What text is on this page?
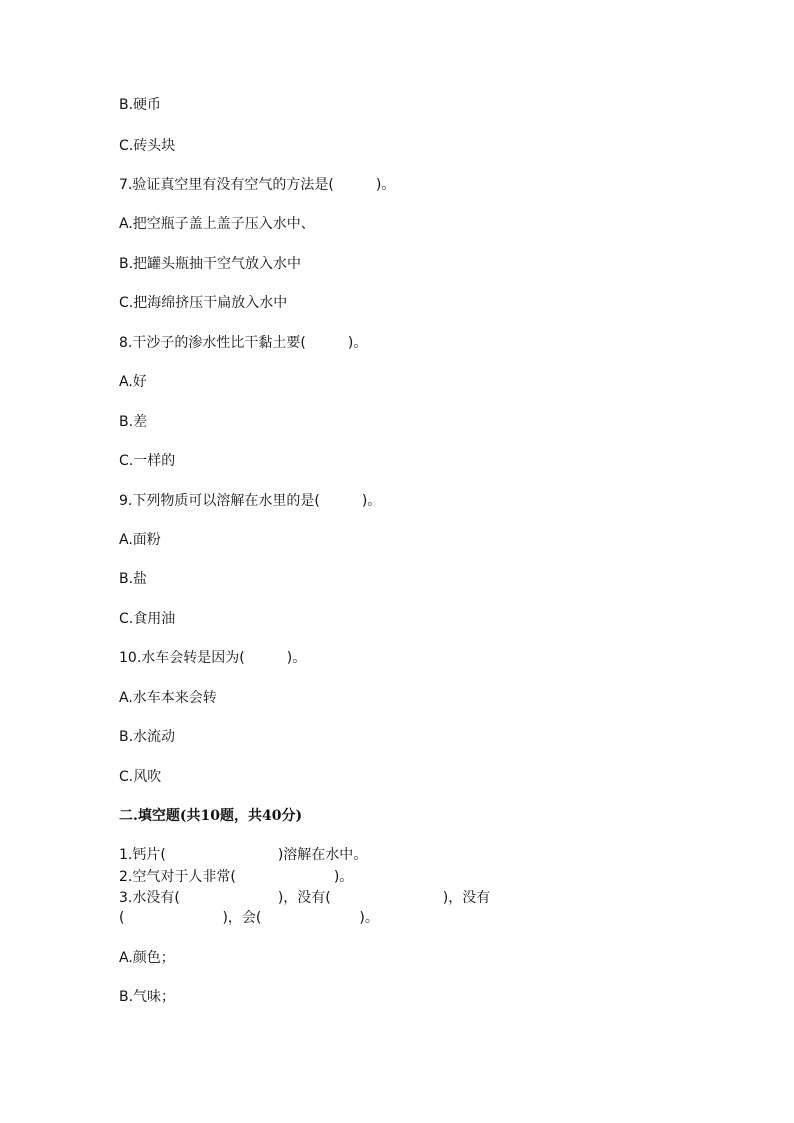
B.硬币
C.砖头块
7.验证真空里有没有空气的方法是(　　　)。
A.把空瓶子盖上盖子压入水中、
B.把罐头瓶抽干空气放入水中
C.把海绵挤压干扁放入水中
8.干沙子的渗水性比干黏土要(　　　)。
A.好
B.差
C.一样的
9.下列物质可以溶解在水里的是(　　　)。
A.面粉
B.盐
C.食用油
10.水车会转是因为(　　　)。
A.水车本来会转
B.水流动
C.风吹
二.填空题(共10题，共40分)
1.钙片(　　　　　　　　)溶解在水中。
2.空气对于人非常(　　　　　　　)。
3.水没有(　　　　　　　)，没有(　　　　　　　　)，没有
(　　　　　　　)，会(　　　　　　　)。
A.颜色；
B.气味；
